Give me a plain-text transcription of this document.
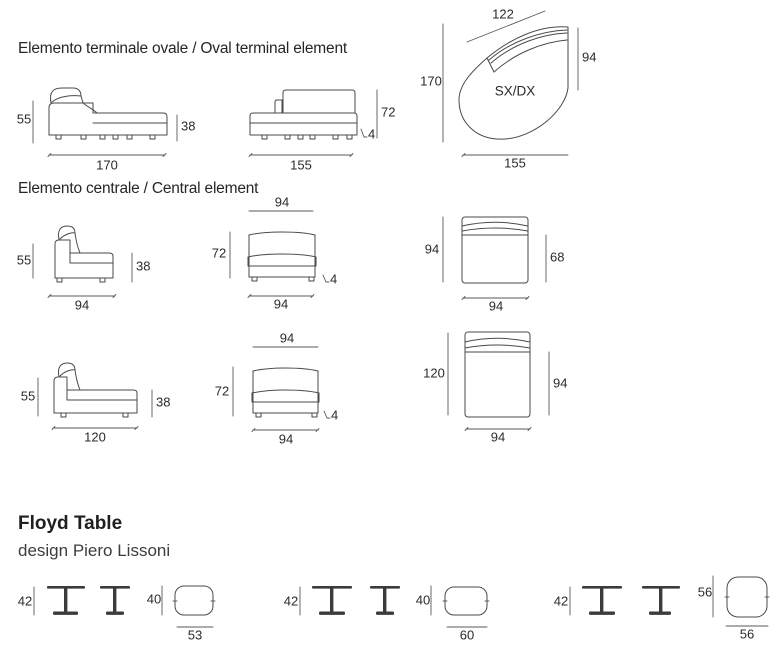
Elemento terminale ovale / Oval terminal element
Elemento centrale / Central element
Floyd Table
design Piero Lissoni
55	38
170
72
4
155
SX/DX
122
94
170
155
55	38
94
94
72
4
94
94
68
94
55	38
120
94
72
4
94
120
94
94
42	40
53
42	40
60
42
56
56
